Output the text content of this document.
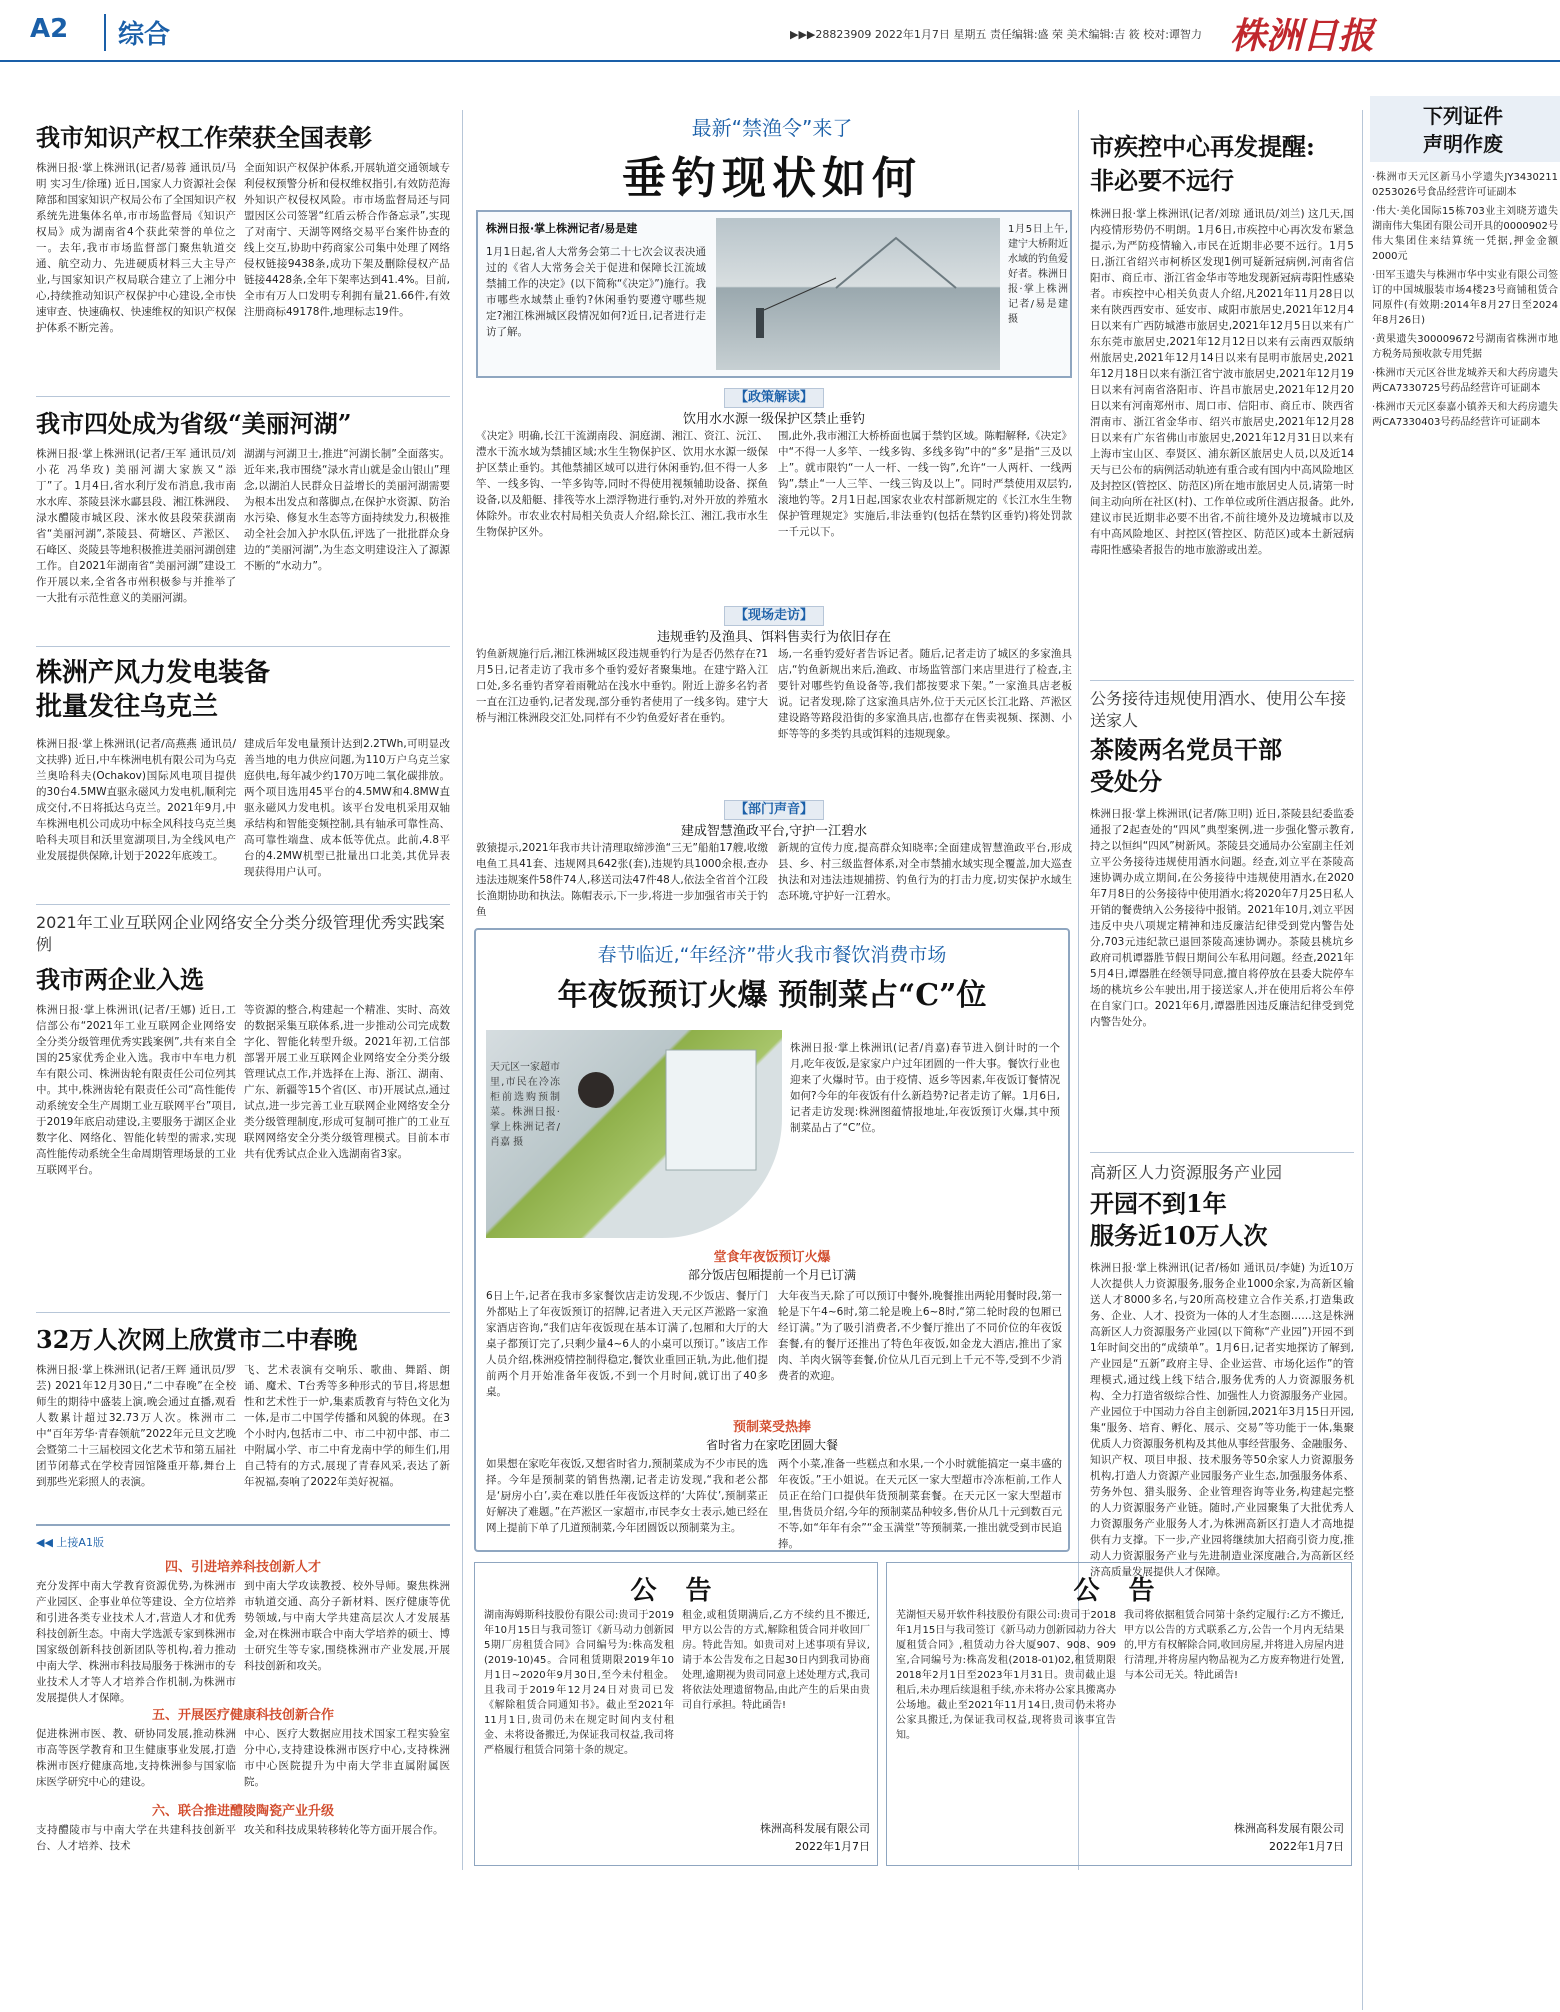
A2	综合	▶▶▶28823909 2022年1月7日 星期五 责任编辑:盛 荣 美术编辑:吉 筱 校对:谭智力 株洲日报
我市知识产权工作荣获全国表彰

株洲日报·掌上株洲讯(记者/易蓉 通讯员/马明 实习生/徐瑾) 近日,国家人力资源社会保障部和国家知识产权局公布了全国知识产权系统先进集体名单,市市场监督局《知识产权局》成为湖南省4个获此荣誉的单位之一。去年,我市市场监督部门聚焦轨道交通、航空动力、先进硬质材料三大主导产业,与国家知识产权局联合建立了上湘分中心,持续推动知识产权保护中心建设,全市快速审查、快速确权、快速维权的知识产权保护体系不断完善。

全面知识产权保护体系,开展轨道交通领域专利侵权预警分析和侵权维权指引,有效防范海外知识产权侵权风险。市市场监督局还与同盟因区公司签署“红盾云桥合作备忘录”,实现了对南宁、天湖等网络交易平台案件协查的线上交互,协助中药商家公司集中处理了网络侵权链接9438条,成功下架及删除侵权产品链接4428条,全年下架率达到41.4%。目前,全市有万人口发明专利拥有量21.66件,有效注册商标49178件,地理标志19件。

我市四处成为省级“美丽河湖”

株洲日报·掌上株洲讯(记者/王军 通讯员/刘小花 冯华玫) 美丽河湖大家族又“添丁”了。1月4日,省水利厅发布消息,我市南水水库、茶陵县洣水酃县段、湘江株洲段、渌水醴陵市城区段、洣水攸县段荣获湖南省“美丽河湖”,茶陵县、荷塘区、芦淞区、石峰区、炎陵县等地积极推进美丽河湖创建工作。自2021年湖南省“美丽河湖”建设工作开展以来,全省各市州积极参与并推举了一大批有示范性意义的美丽河湖。

湖湖与河湖卫士,推进“河湖长制”全面落实。近年来,我市围绕“渌水青山就是金山银山”理念,以湖泊人民群众日益增长的美丽河湖需要为根本出发点和落脚点,在保护水资源、防治水污染、修复水生态等方面持续发力,积极推动全社会加入护水队伍,评选了一批批群众身边的“美丽河湖”,为生态文明建设注入了源源不断的“水动力”。

株洲产风力发电装备
批量发往乌克兰

株洲日报·掌上株洲讯(记者/高燕燕 通讯员/文扶骅) 近日,中车株洲电机有限公司为乌克兰奥哈科夫(Ochakov)国际风电项目提供的30台4.5MW直驱永磁风力发电机,顺利完成交付,不日将抵达乌克兰。2021年9月,中车株洲电机公司成功中标全风科技乌克兰奥哈科夫项目和沃里宽湖项目,为全线风电产业发展提供保障,计划于2022年底竣工。

建成后年发电量预计达到2.2TWh,可明显改善当地的电力供应问题,为110万户乌克兰家庭供电,每年减少约170万吨二氧化碳排放。两个项目选用45平台的4.5MW和4.8MW直驱永磁风力发电机。该平台发电机采用双轴承结构和智能变频控制,具有轴承可靠性高、高可靠性端盘、成本低等优点。此前,4.8平台的4.2MW机型已批量出口北美,其优异表现获得用户认可。

2021年工业互联网企业网络安全分类分级管理优秀实践案例
我市两企业入选

株洲日报·掌上株洲讯(记者/王娜) 近日,工信部公布“2021年工业互联网企业网络安全分类分级管理优秀实践案例”,共有来自全国的25家优秀企业入选。我市中车电力机车有限公司、株洲齿轮有限责任公司位列其中。其中,株洲齿轮有限责任公司“高性能传动系统安全生产周期工业互联网平台”项目,于2019年底启动建设,主要服务于湖区企业数字化、网络化、智能化转型的需求,实现高性能传动系统全生命周期管理场景的工业互联网平台。

等资源的整合,构建起一个精准、实时、高效的数据采集互联体系,进一步推动公司完成数字化、智能化转型升级。2021年初,工信部部署开展工业互联网企业网络安全分类分级管理试点工作,并选择在上海、浙江、湖南、广东、新疆等15个省(区、市)开展试点,通过试点,进一步完善工业互联网企业网络安全分类分级管理制度,形成可复制可推广的工业互联网网络安全分类分级管理模式。目前本市共有优秀试点企业入选湖南省3家。

32万人次网上欣赏市二中春晚

株洲日报·掌上株洲讯(记者/王辉 通讯员/罗芸) 2021年12月30日,“二中春晚”在全校师生的期待中盛装上演,晚会通过直播,观看人数累计超过32.73万人次。株洲市二中“百年芳华·青春领航”2022年元旦文艺晚会暨第二十三届校园文化艺术节和第五届社团节闭幕式在学校青园馆隆重开幕,舞台上到那些光彩照人的表演。

飞、艺术表演有交响乐、歌曲、舞蹈、朗诵、魔术、T台秀等多种形式的节目,将思想性和艺术性于一炉,集素质教育与特色文化为一体,是市二中国学传播和风貌的体现。在3个小时内,包括市二中、市二中初中部、市二中附属小学、市二中育龙南中学的师生们,用自己特有的方式,展现了青春风采,表达了新年祝福,奏响了2022年美好祝福。

◀◀ 上接A1版
四、引进培养科技创新人才

充分发挥中南大学教育资源优势,为株洲市产业园区、企事业单位等建设、全方位培养和引进各类专业技术人才,营造人才和优秀科技创新生态。中南大学选派专家到株洲市国家级创新科技创新团队等机构,着力推动中南大学、株洲市科技局服务于株洲市的专业技术人才等人才培养合作机制,为株洲市发展提供人才保障。

到中南大学攻读教授、校外导师。聚焦株洲市轨道交通、高分子新材料、医疗健康等优势领域,与中南大学共建高层次人才发展基金,对在株洲市联合中南大学培养的硕士、博士研究生等专家,围绕株洲市产业发展,开展科技创新和攻关。

五、开展医疗健康科技创新合作

促进株洲市医、教、研协同发展,推动株洲市高等医学教育和卫生健康事业发展,打造株洲市医疗健康高地,支持株洲参与国家临床医学研究中心的建设。

中心、医疗大数据应用技术国家工程实验室分中心,支持建设株洲市医疗中心,支持株洲市中心医院提升为中南大学非直属附属医院。

六、联合推进醴陵陶瓷产业升级

支持醴陵市与中南大学在共建科技创新平台、人才培养、技术

攻关和科技成果转移转化等方面开展合作。

最新“禁渔令”来了
垂钓现状如何
株洲日报·掌上株洲记者/易是建

1月1日起,省人大常务会第二十七次会议表决通过的《省人大常务会关于促进和保障长江流域禁捕工作的决定》(以下简称“《决定》”)施行。我市哪些水域禁止垂钓?休闲垂钓要遵守哪些规定?湘江株洲城区段情况如何?近日,记者进行走访了解。

1月5日上午,建宁大桥附近水域的钓鱼爱好者。株洲日报·掌上株洲记者/易是建 摄
【政策解读】
饮用水水源一级保护区禁止垂钓

《决定》明确,长江干流湖南段、洞庭湖、湘江、资江、沅江、澧水干流水域为禁捕区域;水生生物保护区、饮用水水源一级保护区禁止垂钓。其他禁捕区域可以进行休闲垂钓,但不得一人多竿、一线多钩、一竿多钩等,同时不得使用视频辅助设备、探鱼设备,以及船艇、排筏等水上漂浮物进行垂钓,对外开放的养殖水体除外。市农业农村局相关负责人介绍,除长江、湘江,我市水生生物保护区外。

围,此外,我市湘江大桥桥面也属于禁钓区域。陈帽解释,《决定》中“不得一人多竿、一线多钩、多线多钩”中的“多”是指“三及以上”。就市限钓“一人一杆、一线一钩”,允许“一人两杆、一线两钩”,禁止“一人三竿、一线三钩及以上”。同时严禁使用双层钓,滚地钓等。2月1日起,国家农业农村部新规定的《长江水生生物保护管理规定》实施后,非法垂钓(包括在禁钓区垂钓)将处罚款一千元以下。

【现场走访】
违规垂钓及渔具、饵料售卖行为依旧存在

钓鱼新规施行后,湘江株洲城区段违规垂钓行为是否仍然存在?1月5日,记者走访了我市多个垂钓爱好者聚集地。在建宁路入江口处,多名垂钓者穿着雨靴站在浅水中垂钓。附近上游多名钓者一直在江边垂钓,记者发现,部分垂钓者使用了一线多钩。建宁大桥与湘江株洲段交汇处,同样有不少钓鱼爱好者在垂钓。

场,一名垂钓爱好者告诉记者。随后,记者走访了城区的多家渔具店,“钓鱼新规出来后,渔政、市场监管部门来店里进行了检查,主要针对哪些钓鱼设备等,我们都按要求下架。”一家渔具店老板说。记者发现,除了这家渔具店外,位于天元区长江北路、芦淞区建设路等路段沿街的多家渔具店,也都存在售卖视频、探测、小虾等等的多类钓具或饵料的违规现象。

【部门声音】
建成智慧渔政平台,守护一江碧水

敦猿提示,2021年我市共计清理取缔涉渔“三无”船舶17艘,收缴电鱼工具41套、违规网具642张(套),违规钓具1000余根,查办违法违规案件58件74人,移送司法47件48人,依法全省首个江段长渔期协助和执法。陈帽表示,下一步,将进一步加强省市关于钓鱼

新规的宣传力度,提高群众知晓率;全面建成智慧渔政平台,形成县、乡、村三级监督体系,对全市禁捕水域实现全覆盖,加大巡查执法和对违法违规捕捞、钓鱼行为的打击力度,切实保护水域生态环境,守护好一江碧水。

春节临近,“年经济”带火我市餐饮消费市场
年夜饭预订火爆 预制菜占“C”位
天元区一家超市里,市民在冷冻柜前选购预制菜。株洲日报·掌上株洲记者/肖嘉 摄

株洲日报·掌上株洲讯(记者/肖嘉)春节进入倒计时的一个月,吃年夜饭,是家家户户过年团圆的一件大事。餐饮行业也迎来了火爆时节。由于疫情、返乡等因素,年夜饭订餐情况如何?今年的年夜饭有什么新趋势?记者走访了解。1月6日,记者走访发现:株洲图蕴情报地址,年夜饭预订火爆,其中预制菜品占了“C”位。

堂食年夜饭预订火爆
部分饭店包厢提前一个月已订满

6日上午,记者在我市多家餐饮店走访发现,不少饭店、餐厅门外都贴上了年夜饭预订的招牌,记者进入天元区芦淞路一家渔家酒店咨询,“我们店年夜饭现在基本订满了,包厢和大厅的大桌子都预订完了,只剩少量4~6人的小桌可以预订。”该店工作人员介绍,株洲疫情控制得稳定,餐饮业重回正轨,为此,他们提前两个月开始准备年夜饭,不到一个月时间,就订出了40多桌。

大年夜当天,除了可以预订中餐外,晚餐推出两轮用餐时段,第一轮是下午4~6时,第二轮是晚上6~8时,“第二轮时段的包厢已经订满。”为了吸引消费者,不少餐厅推出了不同价位的年夜饭套餐,有的餐厅还推出了特色年夜饭,如金龙大酒店,推出了家肉、羊肉火锅等套餐,价位从几百元到上千元不等,受到不少消费者的欢迎。

预制菜受热捧
省时省力在家吃团圆大餐

如果想在家吃年夜饭,又想省时省力,预制菜成为不少市民的选择。今年是预制菜的销售热潮,记者走访发现,“我和老公都是‘厨房小白’,卖在难以胜任年夜饭这样的‘大阵仗’,预制菜正好解决了难题。”在芦淞区一家超市,市民李女士表示,她已经在网上提前下单了几道预制菜,今年团圆饭以预制菜为主。

两个小菜,准备一些糕点和水果,一个小时就能搞定一桌丰盛的年夜饭。”王小姐说。在天元区一家大型超市冷冻柜前,工作人员正在给门口提供年货预制菜套餐。在天元区一家大型超市里,售货员介绍,今年的预制菜品种较多,售价从几十元到数百元不等,如“年年有余”“金玉满堂”等预制菜,一推出就受到市民追捧。

公 告
湖南海姆斯科技股份有限公司:贵司于2019年10月15日与我司签订《新马动力创新园5期厂房租赁合同》合同编号为:株高发租(2019-10)45。合同租赁期限2019年10月1日~2020年9月30日,至今未付租金。且我司于2019年12月24日对贵司已发《解除租赁合同通知书》。截止至2021年11月1日,贵司仍未在规定时间内支付租金、未将设备搬迁,为保证我司权益,我司将严格履行租赁合同第十条的规定。
租金,或租赁期满后,乙方不续约且不搬迁,甲方以公告的方式,解除租赁合同并收回厂房。特此告知。如贵司对上述事项有异议,请于本公告发布之日起30日内到我司协商处理,逾期视为贵司同意上述处理方式,我司将依法处理遗留物品,由此产生的后果由贵司自行承担。特此函告!
株洲高科发展有限公司
2022年1月7日
公 告
芜湖恒天易开软件科技股份有限公司:贵司于2018年1月15日与我司签订《新马动力创新园动力谷大厦租赁合同》,租赁动力谷大厦907、908、909室,合同编号为:株高发租(2018-01)02,租赁期限2018年2月1日至2023年1月31日。贵司截止退租后,未办理后续退租手续,亦未将办公家具搬离办公场地。截止至2021年11月14日,贵司仍未将办公家具搬迁,为保证我司权益,现将贵司该事宜告知。
我司将依据租赁合同第十条约定履行:乙方不搬迁,甲方以公告的方式联系乙方,公告一个月内无结果的,甲方有权解除合同,收回房屋,并将进入房屋内进行清理,并将房屋内物品视为乙方废弃物进行处置,与本公司无关。特此函告!
株洲高科发展有限公司
2022年1月7日
市疾控中心再发提醒:
非必要不远行

株洲日报·掌上株洲讯(记者/刘琼 通讯员/刘兰) 这几天,国内疫情形势仍不明朗。1月6日,市疾控中心再次发布紧急提示,为严防疫情输入,市民在近期非必要不远行。1月5日,浙江省绍兴市柯桥区发现1例可疑新冠病例,河南省信阳市、商丘市、浙江省金华市等地发现新冠病毒阳性感染者。市疾控中心相关负责人介绍,凡2021年11月28日以来有陕西西安市、延安市、咸阳市旅居史,2021年12月4日以来有广西防城港市旅居史,2021年12月5日以来有广东东莞市旅居史,2021年12月12日以来有云南西双版纳州旅居史,2021年12月14日以来有昆明市旅居史,2021年12月18日以来有浙江省宁波市旅居史,2021年12月19日以来有河南省洛阳市、许昌市旅居史,2021年12月20日以来有河南郑州市、周口市、信阳市、商丘市、陕西省渭南市、浙江省金华市、绍兴市旅居史,2021年12月28日以来有广东省佛山市旅居史,2021年12月31日以来有上海市宝山区、奉贤区、浦东新区旅居史人员,以及近14天与已公布的病例活动轨迹有重合或有国内中高风险地区及封控区(管控区、防范区)所在地市旅居史人员,请第一时间主动向所在社区(村)、工作单位或所住酒店报备。此外,建议市民近期非必要不出省,不前往境外及边境城市以及有中高风险地区、封控区(管控区、防范区)或本土新冠病毒阳性感染者报告的地市旅游或出差。

公务接待违规使用酒水、使用公车接送家人
茶陵两名党员干部
受处分

株洲日报·掌上株洲讯(记者/陈卫明) 近日,茶陵县纪委监委通报了2起查处的“四风”典型案例,进一步强化警示教育,持之以恒纠“四风”树新风。茶陵县交通局办公室副主任刘立平公务接待违规使用酒水问题。经查,刘立平在茶陵高速协调办成立期间,在公务接待中违规使用酒水,在2020年7月8日的公务接待中使用酒水;将2020年7月25日私人开销的餐费纳入公务接待中报销。2021年10月,刘立平因违反中央八项规定精神和违反廉洁纪律受到党内警告处分,703元违纪款已退回茶陵高速协调办。茶陵县桃坑乡政府司机谭器胜节假日期间公车私用问题。经查,2021年5月4日,谭器胜在经领导同意,擅自将停放在县委大院停车场的桃坑乡公车驶出,用于接送家人,并在使用后将公车停在自家门口。2021年6月,谭器胜因违反廉洁纪律受到党内警告处分。

高新区人力资源服务产业园
开园不到1年
服务近10万人次

株洲日报·掌上株洲讯(记者/杨如 通讯员/李婕) 为近10万人次提供人力资源服务,服务企业1000余家,为高新区输送人才8000多名,与20所高校建立合作关系,打造集政务、企业、人才、投资为一体的人才生态圈……这是株洲高新区人力资源服务产业园(以下简称“产业园”)开园不到1年时间交出的“成绩单”。1月6日,记者实地探访了解到,产业园是“五新”政府主导、企业运营、市场化运作”的管理模式,通过线上线下结合,服务优秀的人力资源服务机构、全力打造省级综合性、加强性人力资源服务产业园。产业园位于中国动力谷自主创新园,2021年3月15日开园,集“服务、培育、孵化、展示、交易”等功能于一体,集聚优质人力资源服务机构及其他从事经营服务、金融服务、知识产权、项目申报、技术服务等50余家人力资源服务机构,打造人力资源产业园服务产业生态,加强服务体系、劳务外包、猎头服务、企业管理咨询等业务,构建起完整的人力资源服务产业链。随时,产业园聚集了大批优秀人力资源服务产业服务人才,为株洲高新区打造人才高地提供有力支撑。下一步,产业园将继续加大招商引资力度,推动人力资源服务产业与先进制造业深度融合,为高新区经济高质量发展提供人才保障。

下列证件
声明作废
·株洲市天元区新马小学遗失JY3430211 0253026号食品经营许可证副本
·伟大·美化国际15栋703业主刘晓芳遗失湖南伟大集团有限公司开具的0000902号伟大集团住来结算统一凭据,押金金额2000元
·田军玉遗失与株洲市华中实业有限公司签订的中国城服装市场4楼23号商铺租赁合同原件(有效期:2014年8月27日至2024年8月26日)
·黄果遗失300009672号湖南省株洲市地方税务局预收款专用凭据
·株洲市天元区谷世龙城养天和大药房遗失两CA7330725号药品经营许可证副本
·株洲市天元区泰嘉小镇养天和大药房遗失两CA7330403号药品经营许可证副本
